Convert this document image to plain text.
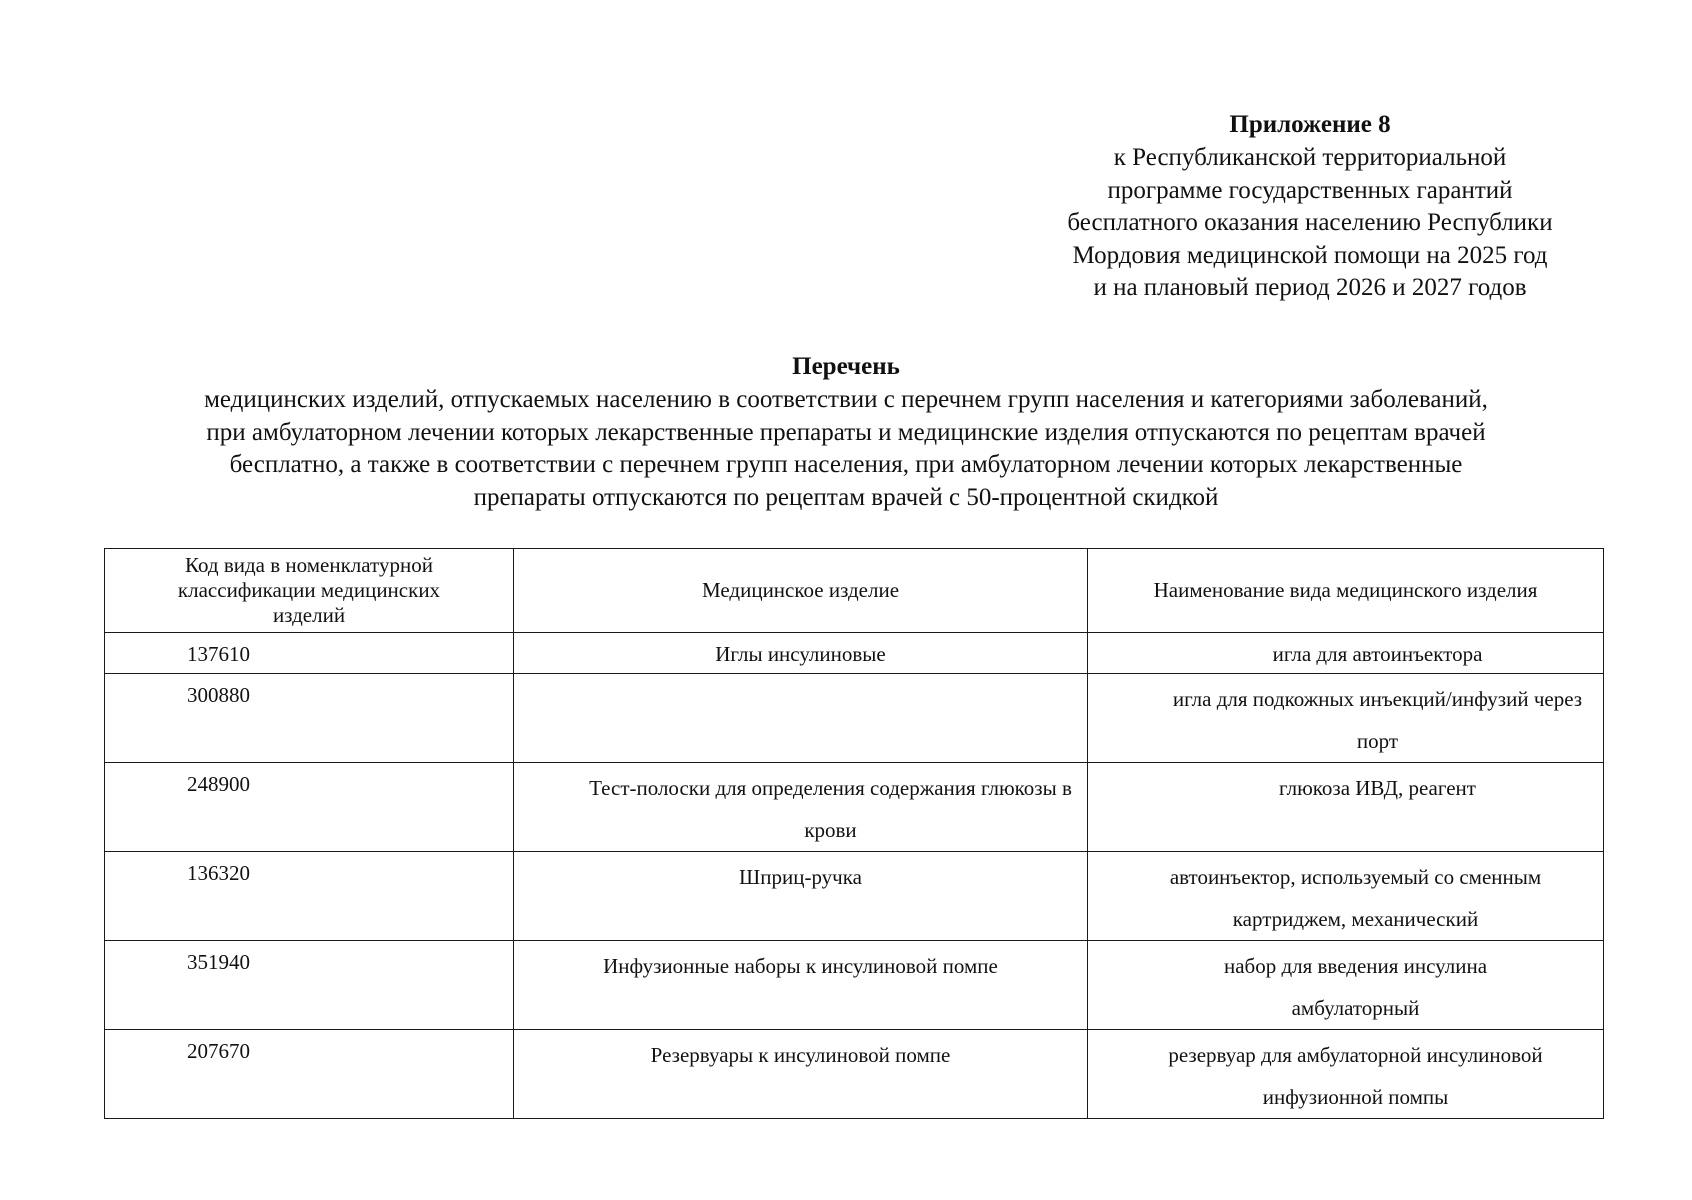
Приложение 8
к Республиканской территориальной
программе государственных гарантий
бесплатного оказания населению Республики
Мордовия медицинской помощи на 2025 год
и на плановый период 2026 и 2027 годов
Перечень
медицинских изделий, отпускаемых населению в соответствии с перечнем групп населения и категориями заболеваний,
при амбулаторном лечении которых лекарственные препараты и медицинские изделия отпускаются по рецептам врачей
бесплатно, а также в соответствии с перечнем групп населения, при амбулаторном лечении которых лекарственные
препараты отпускаются по рецептам врачей с 50-процентной скидкой
Код вида в номенклатурной классификации медицинских изделий	Медицинское изделие	Наименование вида медицинского изделия

137610	Иглы инсулиновые	игла для автоинъектора

300880		игла для подкожных инъекций/инфузий через порт

248900	Тест-полоски для определения содержания глюкозы в крови	глюкоза ИВД, реагент

136320	Шприц-ручка	автоинъектор, используемый со сменным картриджем, механический

351940	Инфузионные наборы к инсулиновой помпе	набор для введения инсулина амбулаторный

207670	Резервуары к инсулиновой помпе	резервуар для амбулаторной инсулиновой инфузионной помпы
